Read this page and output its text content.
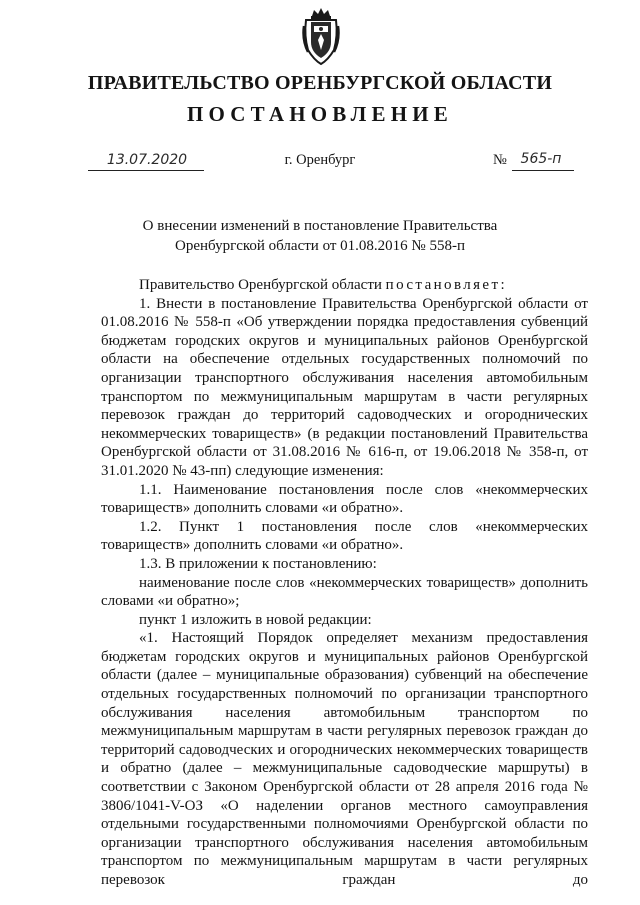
ПРАВИТЕЛЬСТВО ОРЕНБУРГСКОЙ ОБЛАСТИ
ПОСТАНОВЛЕНИЕ
13.07.2020	г. Оренбург	№ 565-п
О внесении изменений в постановление Правительства
Оренбургской области от 01.08.2016 № 558-п

Правительство Оренбургской области постановляет:

1. Внести в постановление Правительства Оренбургской области от 01.08.2016 № 558-п «Об утверждении порядка предоставления субвенций бюджетам городских округов и муниципальных районов Оренбургской области на обеспечение отдельных государственных полномочий по организации транспортного обслуживания населения автомобильным транспортом по межмуниципальным маршрутам в части регулярных перевозок граждан до территорий садоводческих и огороднических некоммерческих товариществ» (в редакции постановлений Правительства Оренбургской области от 31.08.2016 № 616-п, от 19.06.2018 № 358-п, от 31.01.2020 № 43-пп) следующие изменения:

1.1. Наименование постановления после слов «некоммерческих товариществ» дополнить словами «и обратно».

1.2. Пункт 1 постановления после слов «некоммерческих товариществ» дополнить словами «и обратно».

1.3. В приложении к постановлению:

наименование после слов «некоммерческих товариществ» дополнить словами «и обратно»;

пункт 1 изложить в новой редакции:

«1. Настоящий Порядок определяет механизм предоставления бюджетам городских округов и муниципальных районов Оренбургской области (далее – муниципальные образования) субвенций на обеспечение отдельных государственных полномочий по организации транспортного обслуживания населения автомобильным транспортом по межмуниципальным маршрутам в части регулярных перевозок граждан до территорий садоводческих и огороднических некоммерческих товариществ и обратно (далее – межмуниципальные садоводческие маршруты) в соответствии с Законом Оренбургской области от 28 апреля 2016 года № 3806/1041-V-ОЗ «О наделении органов местного самоуправления отдельными государственными полномочиями Оренбургской области по организации транспортного обслуживания населения автомобильным транспортом по межмуниципальным маршрутам в части регулярных перевозок граждан до
